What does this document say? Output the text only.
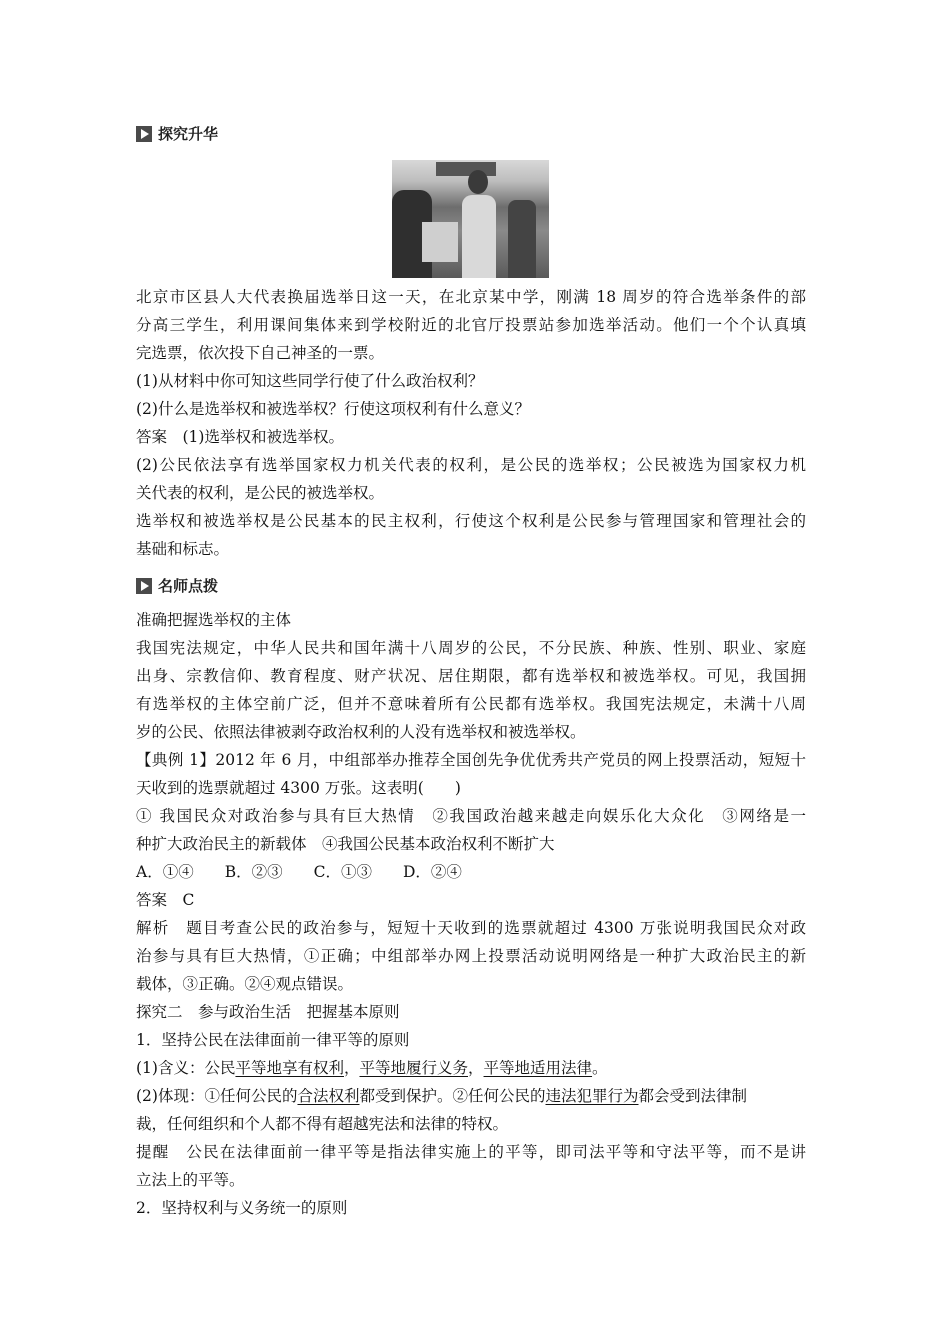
探究升华
北京市区县人大代表换届选举日这一天，在北京某中学，刚满 18 周岁的符合选举条件的部
分高三学生，利用课间集体来到学校附近的北官厅投票站参加选举活动。他们一个个认真填
完选票，依次投下自己神圣的一票。
(1)从材料中你可知这些同学行使了什么政治权利？
(2)什么是选举权和被选举权？行使这项权利有什么意义？
答案　(1)选举权和被选举权。
(2)公民依法享有选举国家权力机关代表的权利，是公民的选举权；公民被选为国家权力机
关代表的权利，是公民的被选举权。
选举权和被选举权是公民基本的民主权利，行使这个权利是公民参与管理国家和管理社会的
基础和标志。
名师点拨
准确把握选举权的主体
我国宪法规定，中华人民共和国年满十八周岁的公民，不分民族、种族、性别、职业、家庭
出身、宗教信仰、教育程度、财产状况、居住期限，都有选举权和被选举权。可见，我国拥
有选举权的主体空前广泛，但并不意味着所有公民都有选举权。我国宪法规定，未满十八周
岁的公民、依照法律被剥夺政治权利的人没有选举权和被选举权。
【典例 1】2012 年 6 月，中组部举办推荐全国创先争优优秀共产党员的网上投票活动，短短十
天收到的选票就超过 4300 万张。这表明(　　)
① 我国民众对政治参与具有巨大热情　②我国政治越来越走向娱乐化大众化　③网络是一
种扩大政治民主的新载体　④我国公民基本政治权利不断扩大
A．①④　　B．②③　　C．①③　　D．②④
答案　C
解析　题目考查公民的政治参与，短短十天收到的选票就超过 4300 万张说明我国民众对政
治参与具有巨大热情，①正确；中组部举办网上投票活动说明网络是一种扩大政治民主的新
载体，③正确。②④观点错误。
探究二　参与政治生活　把握基本原则
1．坚持公民在法律面前一律平等的原则
(1)含义：公民平等地享有权利，平等地履行义务，平等地适用法律。
(2)体现：①任何公民的合法权利都受到保护。②任何公民的违法犯罪行为都会受到法律制
裁，任何组织和个人都不得有超越宪法和法律的特权。
提醒　公民在法律面前一律平等是指法律实施上的平等，即司法平等和守法平等，而不是讲
立法上的平等。
2．坚持权利与义务统一的原则
